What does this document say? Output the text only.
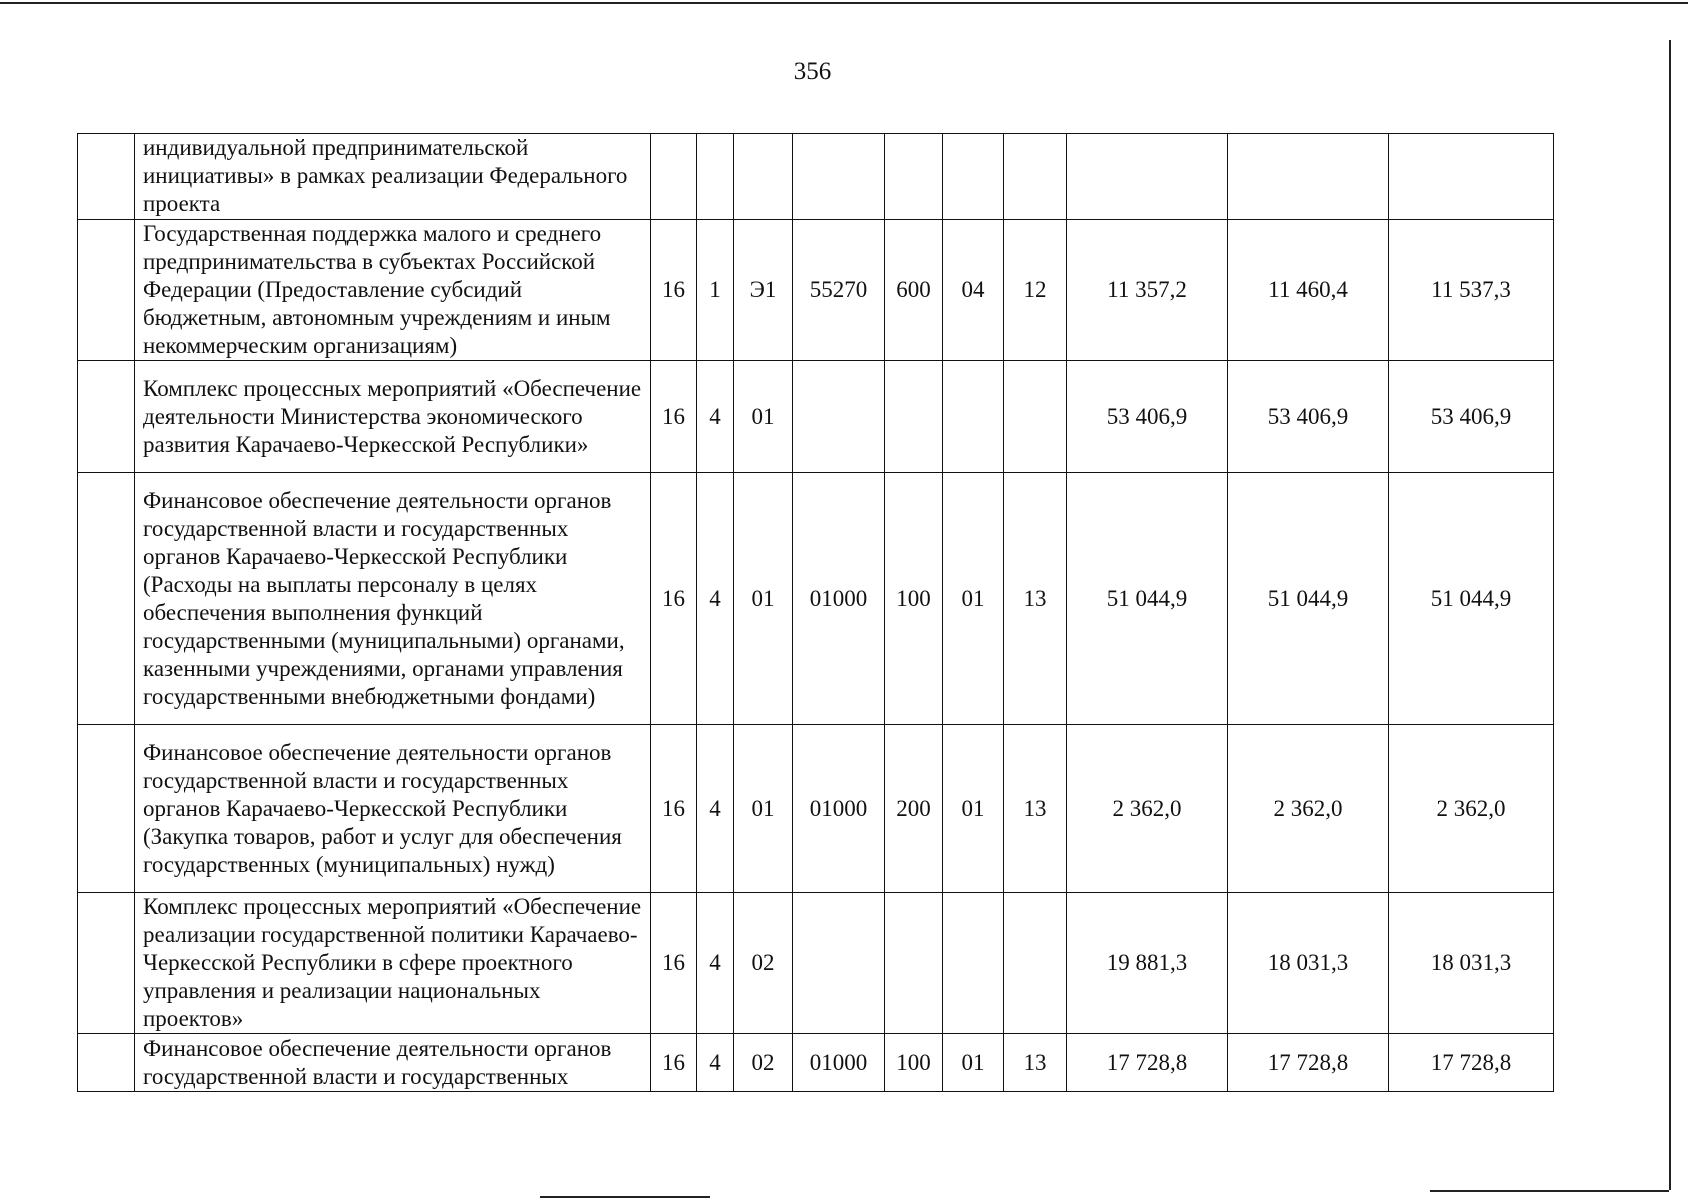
356
	индивидуальной предпринимательской инициативы» в рамках реализации Федерального проекта										
	Государственная поддержка малого и среднего предпринимательства в субъектах Российской Федерации (Предоставление субсидий бюджетным, автономным учреждениям и иным некоммерческим организациям)	16	1	Э1	55270	600	04	12	11 357,2	11 460,4	11 537,3
	Комплекс процессных мероприятий «Обеспечение деятельности Министерства экономического развития Карачаево-Черкесской Республики»	16	4	01					53 406,9	53 406,9	53 406,9
	Финансовое обеспечение деятельности органов государственной власти и государственных органов Карачаево-Черкесской Республики (Расходы на выплаты персоналу в целях обеспечения выполнения функций государственными (муниципальными) органами, казенными учреждениями, органами управления государственными внебюджетными фондами)	16	4	01	01000	100	01	13	51 044,9	51 044,9	51 044,9
	Финансовое обеспечение деятельности органов государственной власти и государственных органов Карачаево-Черкесской Республики (Закупка товаров, работ и услуг для обеспечения государственных (муниципальных) нужд)	16	4	01	01000	200	01	13	2 362,0	2 362,0	2 362,0
	Комплекс процессных мероприятий «Обеспечение реализации государственной политики Карачаево-Черкесской Республики в сфере проектного управления и реализации национальных проектов»	16	4	02					19 881,3	18 031,3	18 031,3
	Финансовое обеспечение деятельности органов государственной власти и государственных	16	4	02	01000	100	01	13	17 728,8	17 728,8	17 728,8
